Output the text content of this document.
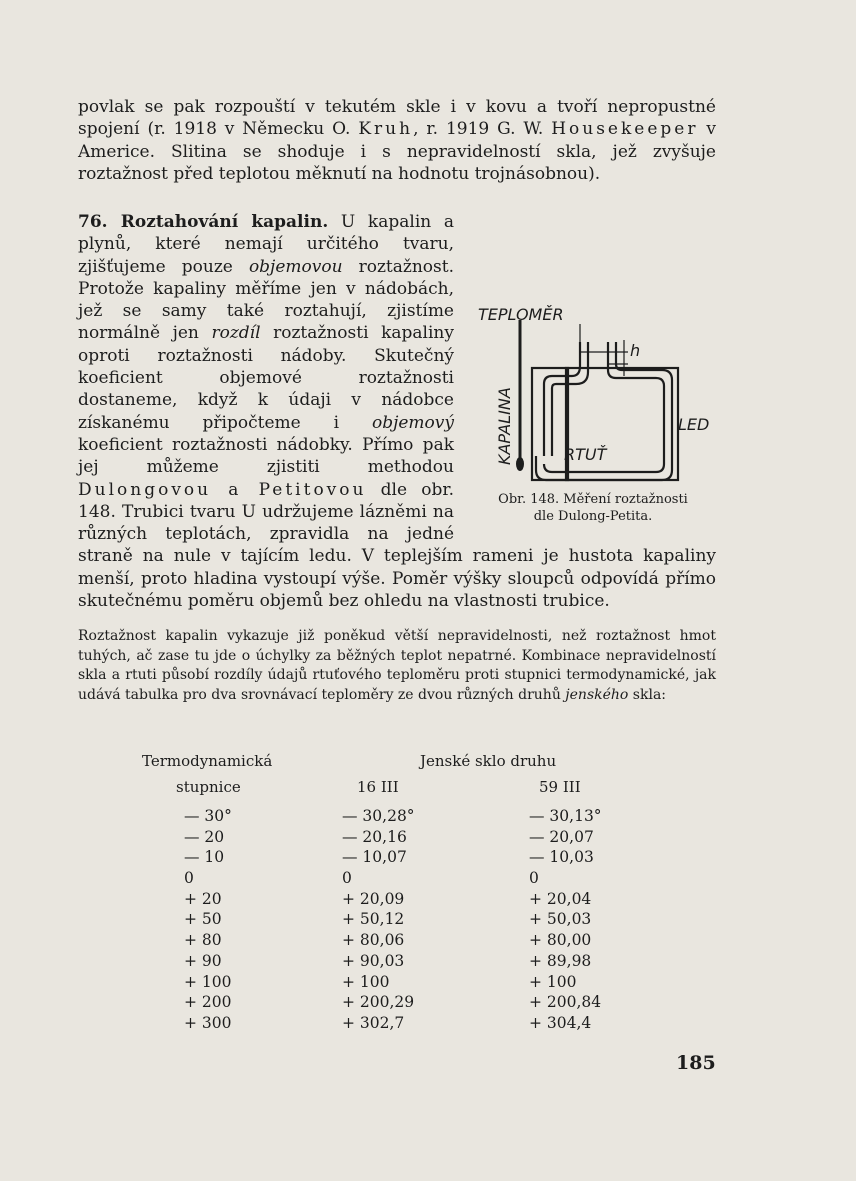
povlak se pak rozpouští v tekutém skle i v kovu a tvoří nepropustné spojení (r. 1918 v Německu O. Kruh, r. 1919 G. W. Housekeeper v Americe. Slitina se shoduje i s nepravidelností skla, jež zvyšuje roztažnost před teplotou měknutí na hodnotu trojnásobnou).

76. Roztahování kapalin. U kapalin a plynů, které nemají určitého tvaru, zjišťujeme pouze objemovou roztažnost. Protože kapaliny měříme jen v nádobách, jež se samy také roztahují, zjistíme normálně jen rozdíl roztažnosti kapaliny oproti roztažnosti nádoby. Skutečný koeficient objemové roztažnosti dostaneme, když k údaji v nádobce získanému připočteme i objemový koeficient roztažnosti nádobky. Přímo pak jej můžeme zjistiti methodou Dulongovou a Petitovou dle obr. 148. Trubici tvaru U udržujeme lázněmi na různých teplotách, zpravidla na jedné straně na nule v tajícím ledu. V teplejším rameni je hustota kapaliny menší, proto hladina vystoupí výše. Poměr výšky sloupců odpovídá přímo skutečnému poměru objemů bez ohledu na vlastnosti trubice.

TEPLOMĚR
h
LED
RTUŤ
KAPALINA
Obr. 148. Měření roztažnosti
dle Dulong-Petita.

Roztažnost kapalin vykazuje již poněkud větší nepravidelnosti, než roztažnost hmot tuhých, ač zase tu jde o úchylky za běžných teplot nepatrné. Kombinace nepravidelností skla a rtuti působí rozdíly údajů rtuťového teploměru proti stupnici termodynamické, jak udává tabulka pro dva srovnávací teploměry ze dvou různých druhů jenského skla:

Termodynamická
stupnice
Jenské sklo druhu
16 III	59 III
— 30°
— 20
— 10
0
+ 20
+ 50
+ 80
+ 90
+ 100
+ 200
+ 300
— 30,28°
— 20,16
— 10,07
0
+ 20,09
+ 50,12
+ 80,06
+ 90,03
+ 100
+ 200,29
+ 302,7
— 30,13°
— 20,07
— 10,03
0
+ 20,04
+ 50,03
+ 80,00
+ 89,98
+ 100
+ 200,84
+ 304,4
185
